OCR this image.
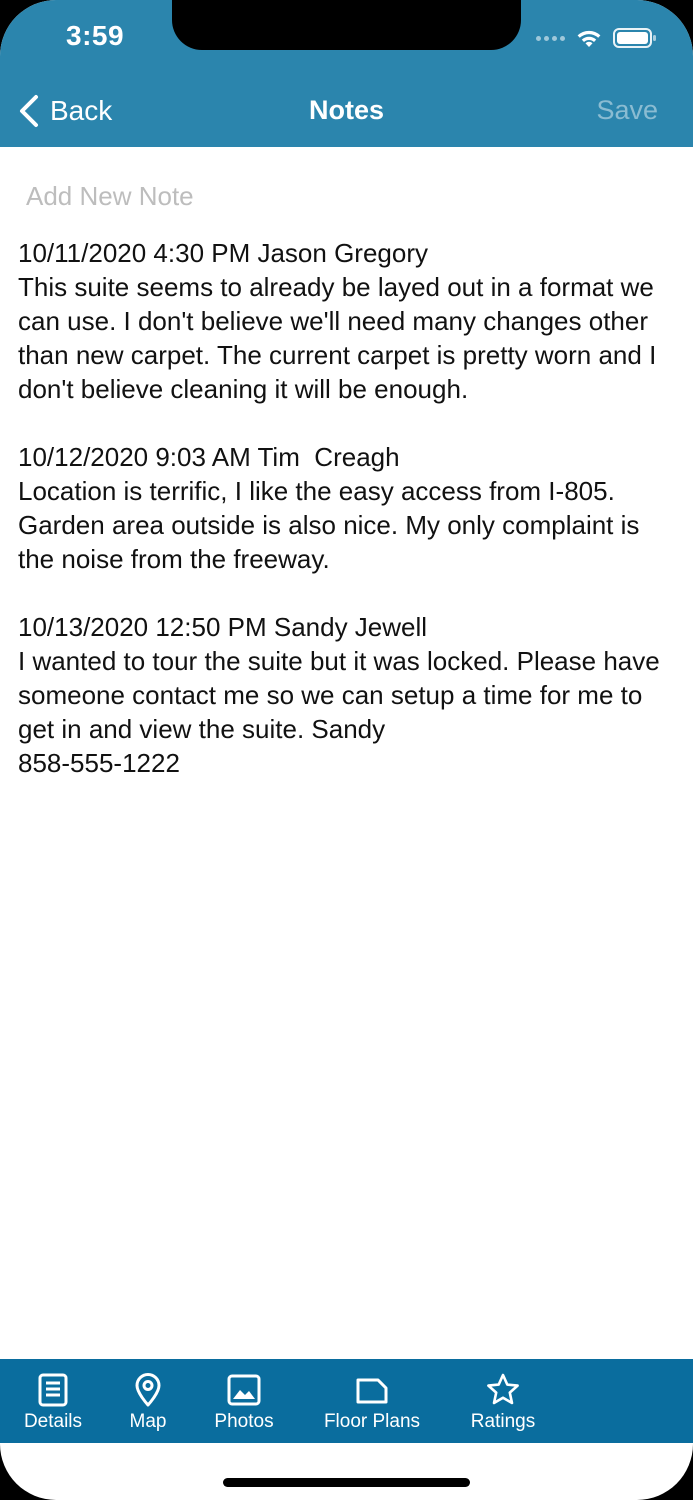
3:59
Back	Notes	Save
Add New Note
10/11/2020 4:30 PM Jason Gregory
This suite seems to already be layed out in a format we can use. I don't believe we'll need many changes other than new carpet. The current carpet is pretty worn and I don't believe cleaning it will be enough.

10/12/2020 9:03 AM Tim  Creagh
Location is terrific, I like the easy access from I-805.
Garden area outside is also nice. My only complaint is the noise from the freeway.

10/13/2020 12:50 PM Sandy Jewell
I wanted to tour the suite but it was locked. Please have someone contact me so we can setup a time for me to get in and view the suite. Sandy
858-555-1222
Details Map	Photos	Floor Plans	Ratings
